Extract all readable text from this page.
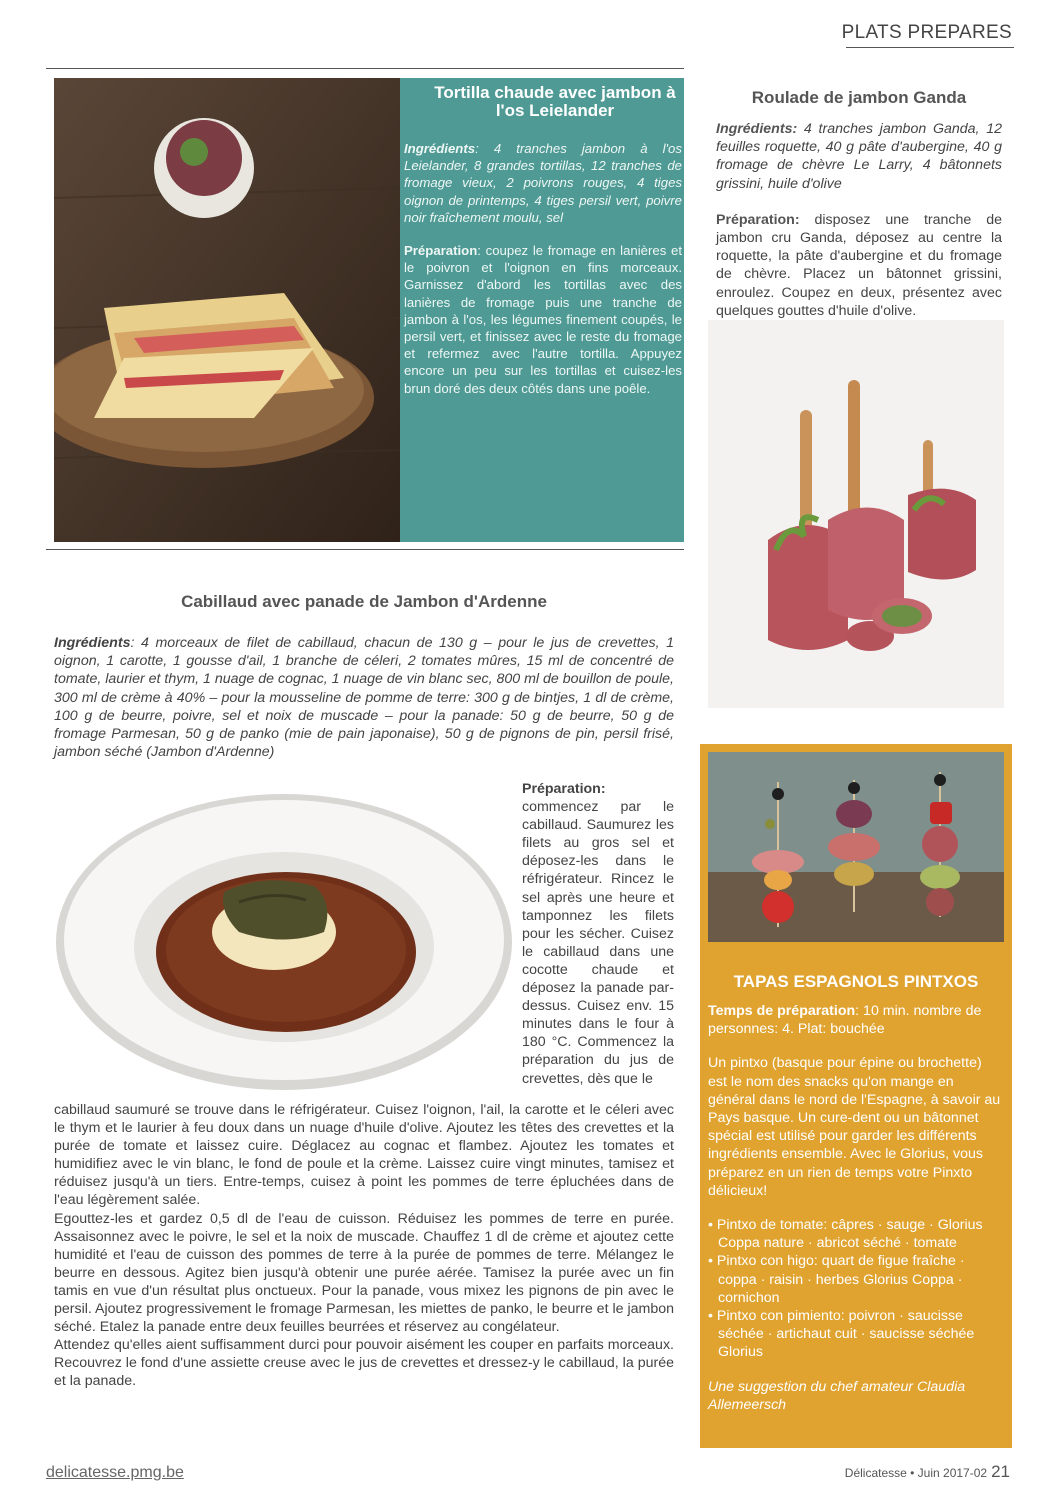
PLATS PREPARES
Tortilla chaude avec jambon à l'os Leielander

Ingrédients: 4 tranches jambon à l'os Leielander, 8 grandes tortillas, 12 tranches de fromage vieux, 2 poivrons rouges, 4 tiges oignon de printemps, 4 tiges persil vert, poivre noir fraîchement moulu, sel

Préparation: coupez le fromage en lanières et le poivron et l'oignon en fins morceaux. Garnissez d'abord les tortillas avec des lanières de fromage puis une tranche de jambon à l'os, les légumes finement coupés, le persil vert, et finissez avec le reste du fromage et refermez avec l'autre tortilla. Appuyez encore un peu sur les tortillas et cuisez-les brun doré des deux côtés dans une poêle.

Roulade de jambon Ganda

Ingrédients: 4 tranches jambon Ganda, 12 feuilles roquette, 40 g pâte d'aubergine, 40 g fromage de chèvre Le Larry, 4 bâtonnets grissini, huile d'olive

Préparation: disposez une tranche de jambon cru Ganda, déposez au centre la roquette, la pâte d'aubergine et du fromage de chèvre. Placez un bâtonnet grissini, enroulez. Coupez en deux, présentez avec quelques gouttes d'huile d'olive.

Cabillaud avec panade de Jambon d'Ardenne
Ingrédients: 4 morceaux de filet de cabillaud, chacun de 130 g – pour le jus de crevettes, 1 oignon, 1 carotte, 1 gousse d'ail, 1 branche de céleri, 2 tomates mûres, 15 ml de concentré de tomate, laurier et thym, 1 nuage de cognac, 1 nuage de vin blanc sec, 800 ml de bouillon de poule, 300 ml de crème à 40% – pour la mousseline de pomme de terre: 300 g de bintjes, 1 dl de crème, 100 g de beurre, poivre, sel et noix de muscade – pour la panade: 50 g de beurre, 50 g de fromage Parmesan, 50 g de panko (mie de pain japonaise), 50 g de pignons de pin, persil frisé, jambon séché (Jambon d'Ardenne)
Préparation: commencez par le cabillaud. Saumurez les filets au gros sel et déposez-les dans le réfrigérateur. Rincez le sel après une heure et tamponnez les filets pour les sécher. Cuisez le cabillaud dans une cocotte chaude et déposez la panade par-dessus. Cuisez env. 15 minutes dans le four à 180 °C. Commencez la préparation du jus de crevettes, dès que le
cabillaud saumuré se trouve dans le réfrigérateur. Cuisez l'oignon, l'ail, la carotte et le céleri avec le thym et le laurier à feu doux dans un nuage d'huile d'olive. Ajoutez les têtes des crevettes et la purée de tomate et laissez cuire. Déglacez au cognac et flambez. Ajoutez les tomates et humidifiez avec le vin blanc, le fond de poule et la crème. Laissez cuire vingt minutes, tamisez et réduisez jusqu'à un tiers. Entre-temps, cuisez à point les pommes de terre épluchées dans de l'eau légèrement salée.
Egouttez-les et gardez 0,5 dl de l'eau de cuisson. Réduisez les pommes de terre en purée. Assaisonnez avec le poivre, le sel et la noix de muscade. Chauffez 1 dl de crème et ajoutez cette humidité et l'eau de cuisson des pommes de terre à la purée de pommes de terre. Mélangez le beurre en dessous. Agitez bien jusqu'à obtenir une purée aérée. Tamisez la purée avec un fin tamis en vue d'un résultat plus onctueux. Pour la panade, vous mixez les pignons de pin avec le persil. Ajoutez progressivement le fromage Parmesan, les miettes de panko, le beurre et le jambon séché. Etalez la panade entre deux feuilles beurrées et réservez au congélateur.
Attendez qu'elles aient suffisamment durci pour pouvoir aisément les couper en parfaits morceaux. Recouvrez le fond d'une assiette creuse avec le jus de crevettes et dressez-y le cabillaud, la purée et la panade.
TAPAS ESPAGNOLS PINTXOS

Temps de préparation: 10 min. nombre de personnes: 4. Plat: bouchée

Un pintxo (basque pour épine ou brochette) est le nom des snacks qu'on mange en général dans le nord de l'Espagne, à savoir au Pays basque. Un cure-dent ou un bâtonnet spécial est utilisé pour garder les différents ingrédients ensemble. Avec le Glorius, vous préparez en un rien de temps votre Pinxto délicieux!

• Pintxo de tomate: câpres · sauge · Glorius Coppa nature · abricot séché · tomate
• Pintxo con higo: quart de figue fraîche · coppa · raisin · herbes Glorius Coppa · cornichon
• Pintxo con pimiento: poivron · saucisse séchée · artichaut cuit · saucisse séchée Glorius

Une suggestion du chef amateur Claudia Allemeersch

delicatesse.pmg.be	Délicatesse • Juin 2017-02 21
